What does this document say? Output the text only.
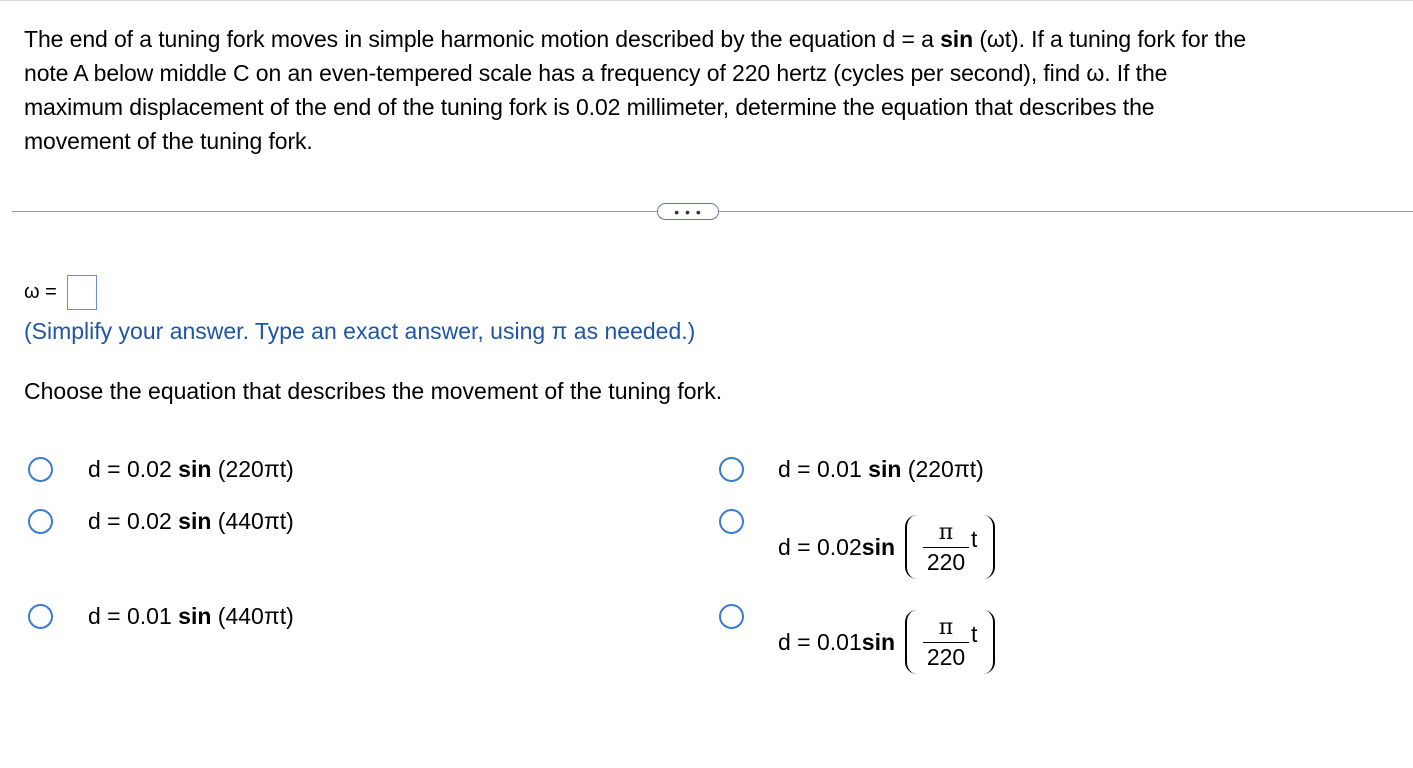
The end of a tuning fork moves in simple harmonic motion described by the equation d = a sin (ωt). If a tuning fork for the
note A below middle C on an even-tempered scale has a frequency of 220 hertz (cycles per second), find ω. If the
maximum displacement of the end of the tuning fork is 0.02 millimeter, determine the equation that describes the
movement of the tuning fork.
• • •
ω =
(Simplify your answer. Type an exact answer, using π as needed.)
Choose the equation that describes the movement of the tuning fork.
d = 0.02 sin (220πt)	d = 0.01 sin (220πt)
d = 0.02 sin (440πt)
d = 0.02 $\sin \frac{\pi}{220}$ t
d = 0.01 sin (440πt)
d = 0.01 $\sin \frac{\pi}{220}$ t
